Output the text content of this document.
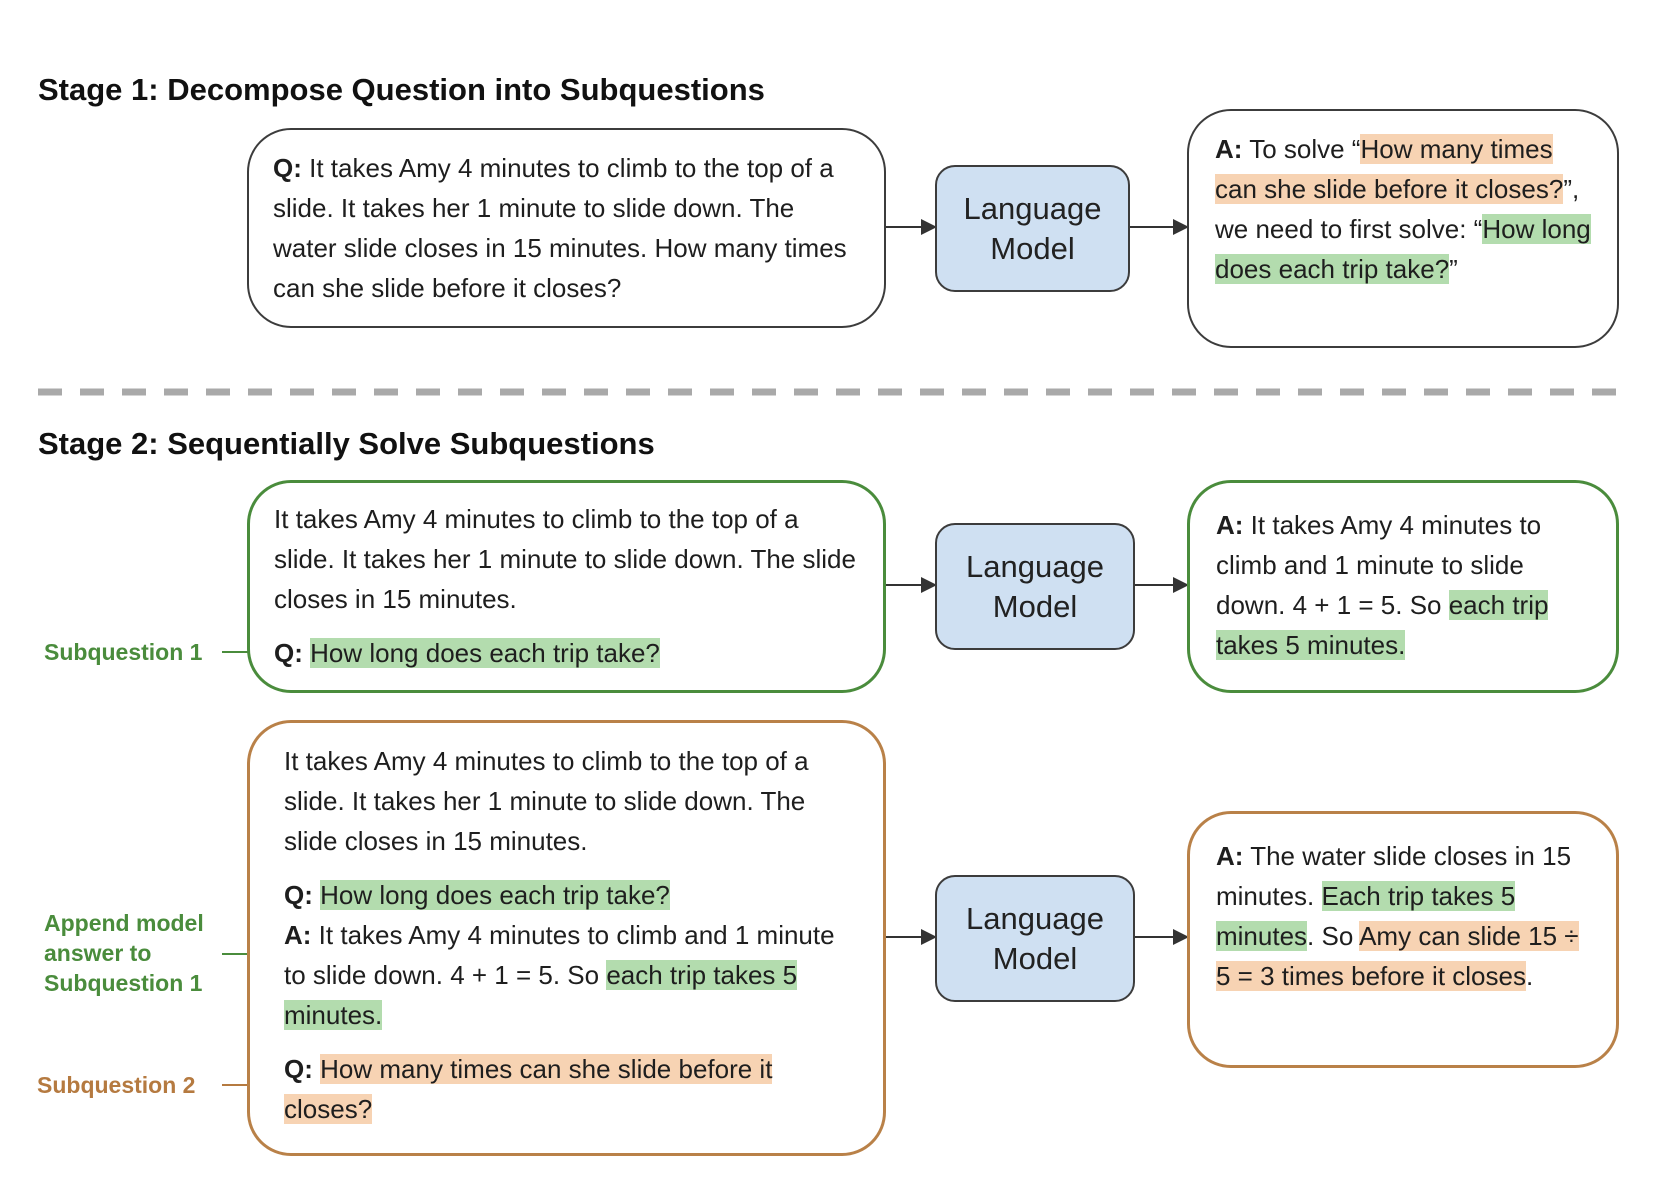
Stage 1: Decompose Question into Subquestions

Q: It takes Amy 4 minutes to climb to the top of a slide. It takes her 1 minute to slide down. The water slide closes in 15 minutes. How many times can she slide before it closes?

Language
Model

A: To solve “How many times can she slide before it closes?”, we need to first solve: “How long does each trip take?”

Stage 2: Sequentially Solve Subquestions
Subquestion 1

It takes Amy 4 minutes to climb to the top of a slide. It takes her 1 minute to slide down. The slide closes in 15 minutes.

Q: How long does each trip take?

Language
Model

A: It takes Amy 4 minutes to climb and 1 minute to slide down. 4 + 1 = 5. So each trip takes 5 minutes.

Append model answer to Subquestion 1
Subquestion 2

It takes Amy 4 minutes to climb to the top of a slide. It takes her 1 minute to slide down. The slide closes in 15 minutes.

Q: How long does each trip take?

A: It takes Amy 4 minutes to climb and 1 minute to slide down. 4 + 1 = 5. So each trip takes 5 minutes.

Q: How many times can she slide before it closes?

Language
Model

A: The water slide closes in 15 minutes. Each trip takes 5 minutes. So Amy can slide 15 ÷ 5 = 3 times before it closes.
